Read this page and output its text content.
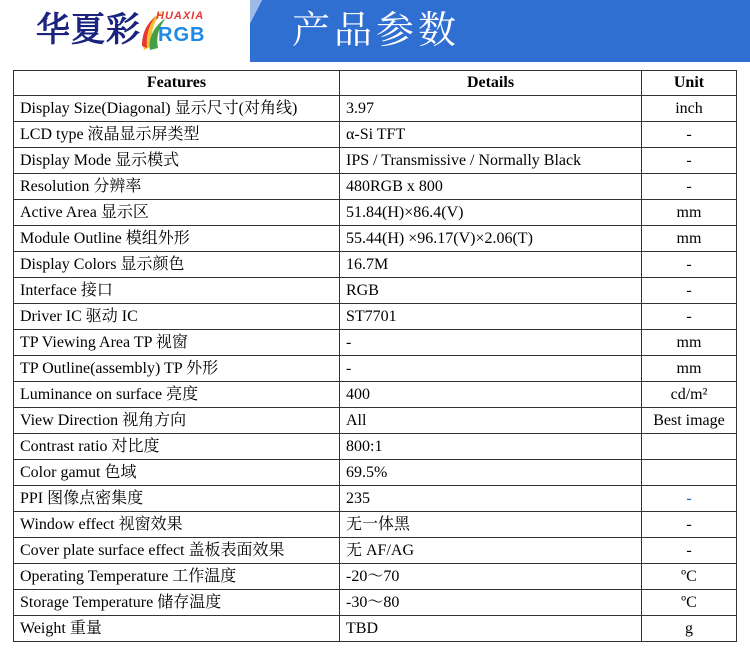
华夏彩 HUAXIA
RGB 产品参数
Features	Details	Unit
Display Size(Diagonal) 显示尺寸(对角线)	3.97	inch
LCD type 液晶显示屏类型	α-Si TFT	-
Display Mode 显示模式	IPS / Transmissive / Normally Black	-
Resolution 分辨率	480RGB x 800	-
Active Area 显示区	51.84(H)×86.4(V)	mm
Module Outline 模组外形	55.44(H) ×96.17(V)×2.06(T)	mm
Display Colors 显示颜色	16.7M	-
Interface 接口	RGB	-
Driver IC 驱动 IC	ST7701	-
TP Viewing Area TP 视窗	-	mm
TP Outline(assembly) TP 外形	-	mm
Luminance on surface 亮度	400	cd/m²
View Direction 视角方向	All	Best image
Contrast ratio 对比度	800:1	
Color gamut 色域	69.5%	
PPI 图像点密集度	235	-
Window effect 视窗效果	无一体黑	-
Cover plate surface effect 盖板表面效果	无 AF/AG	-
Operating Temperature 工作温度	-20～70	ºC
Storage Temperature 储存温度	-30～80	ºC
Weight 重量	TBD	g
